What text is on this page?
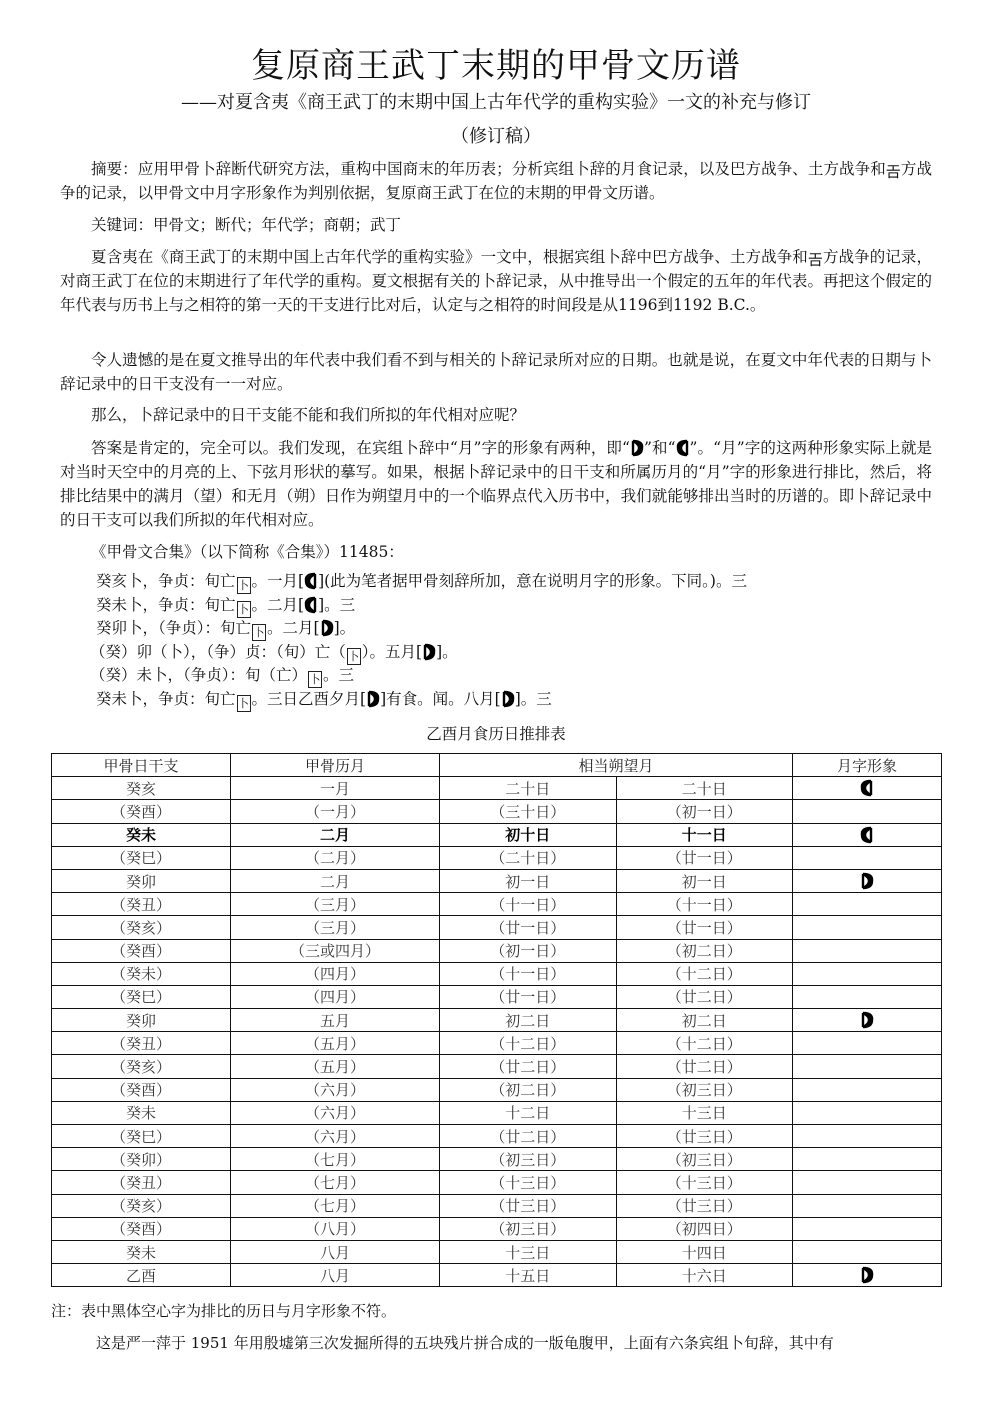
复原商王武丁末期的甲骨文历谱
——对夏含夷《商王武丁的末期中国上古年代学的重构实验》一文的补充与修订
（修订稿）
摘要：应用甲骨卜辞断代研究方法，重构中国商末的年历表；分析宾组卜辞的月食记录，以及巴方战争、土方战争和𢀛方战争的记录，以甲骨文中月字形象作为判别依据，复原商王武丁在位的末期的甲骨文历谱。
关键词：甲骨文；断代；年代学；商朝；武丁
夏含夷在《商王武丁的末期中国上古年代学的重构实验》一文中，根据宾组卜辞中巴方战争、土方战争和𢀛方战争的记录，对商王武丁在位的末期进行了年代学的重构。夏文根据有关的卜辞记录，从中推导出一个假定的五年的年代表。再把这个假定的年代表与历书上与之相符的第一天的干支进行比对后，认定与之相符的时间段是从1196到1192 B.C.。
令人遗憾的是在夏文推导出的年代表中我们看不到与相关的卜辞记录所对应的日期。也就是说，在夏文中年代表的日期与卜辞记录中的日干支没有一一对应。
那么，卜辞记录中的日干支能不能和我们所拟的年代相对应呢？
答案是肯定的，完全可以。我们发现，在宾组卜辞中“月”字的形象有两种，即“ ”和“ ”。“月”字的这两种形象实际上就是对当时天空中的月亮的上、下弦月形状的摹写。如果，根据卜辞记录中的日干支和所属历月的“月”字的形象进行排比，然后，将排比结果中的满月（望）和无月（朔）日作为朔望月中的一个临界点代入历书中，我们就能够排出当时的历谱的。即卜辞记录中的日干支可以我们所拟的年代相对应。
《甲骨文合集》（以下简称《合集》）11485：
癸亥卜，争贞：旬亡 卜 。一月[ ](此为笔者据甲骨刻辞所加，意在说明月字的形象。下同。)。三
癸未卜，争贞：旬亡 卜 。二月[ ]。三
癸卯卜，（争贞）：旬亡 卜 。二月[ ]。
（癸）卯（卜），（争）贞：（旬）亡（ 卜 ）。五月[ ]。
（癸）未卜，（争贞）：旬（亡） 卜 。三
癸未卜，争贞：旬亡 卜 。三日乙酉夕月[ ]有食。闻。八月[ ]。三
乙酉月食历日推排表
甲骨日干支	甲骨历月	相当朔望月		月字形象
癸亥	一月	二十日	二十日	
（癸酉）	（一月）	（三十日）	（初一日）	
癸未	二月	初十日	十一日	
（癸巳）	（二月）	（二十日）	（廿一日）	
癸卯	二月	初一日	初一日	
（癸丑）	（三月）	（十一日）	（十一日）	
（癸亥）	（三月）	（廿一日）	（廿一日）	
（癸酉）	（三或四月）	（初一日）	（初二日）	
（癸未）	（四月）	（十一日）	（十二日）	
（癸巳）	（四月）	（廿一日）	（廿二日）	
癸卯	五月	初二日	初二日	
（癸丑）	（五月）	（十二日）	（十二日）	
（癸亥）	（五月）	（廿二日）	（廿二日）	
（癸酉）	（六月）	（初二日）	（初三日）	
癸未	（六月）	十二日	十三日	
（癸巳）	（六月）	（廿二日）	（廿三日）	
（癸卯）	（七月）	（初三日）	（初三日）	
（癸丑）	（七月）	（十三日）	（十三日）	
（癸亥）	（七月）	（廿三日）	（廿三日）	
（癸酉）	（八月）	（初三日）	（初四日）	
癸未	八月	十三日	十四日	
乙酉	八月	十五日	十六日	
注：表中黑体空心字为排比的历日与月字形象不符。
这是严一萍于 1951 年用殷墟第三次发掘所得的五块残片拼合成的一版龟腹甲，上面有六条宾组卜旬辞，其中有
